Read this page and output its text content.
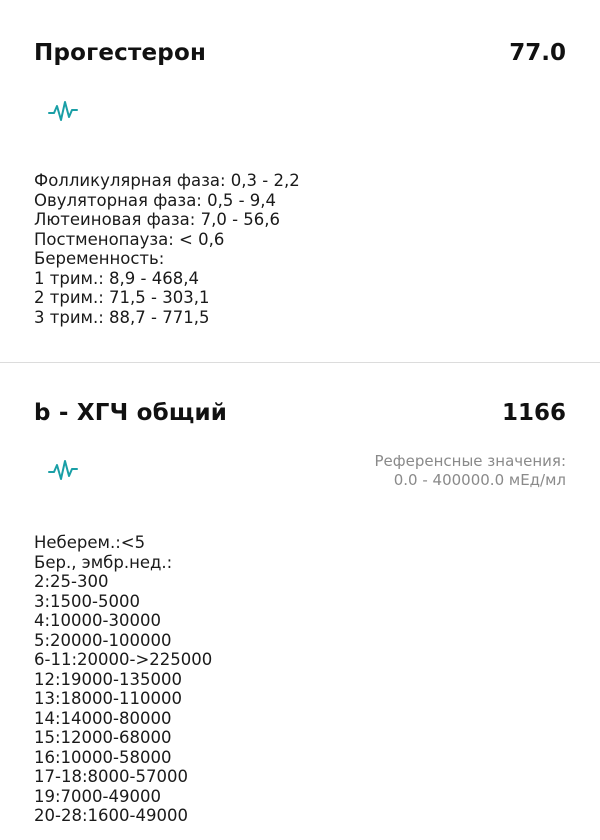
Прогестерон	77.0
Фолликулярная фаза: 0,3 - 2,2
Овуляторная фаза: 0,5 - 9,4
Лютеиновая фаза: 7,0 - 56,6
Постменопауза: < 0,6
Беременность:
1 трим.: 8,9 - 468,4
2 трим.: 71,5 - 303,1
3 трим.: 88,7 - 771,5
b - ХГЧ общий	1166
Референсные значения:
0.0 - 400000.0 мЕд/мл
Неберем.:<5
Бер., эмбр.нед.:
2:25-300
3:1500-5000
4:10000-30000
5:20000-100000
6-11:20000->225000
12:19000-135000
13:18000-110000
14:14000-80000
15:12000-68000
16:10000-58000
17-18:8000-57000
19:7000-49000
20-28:1600-49000
